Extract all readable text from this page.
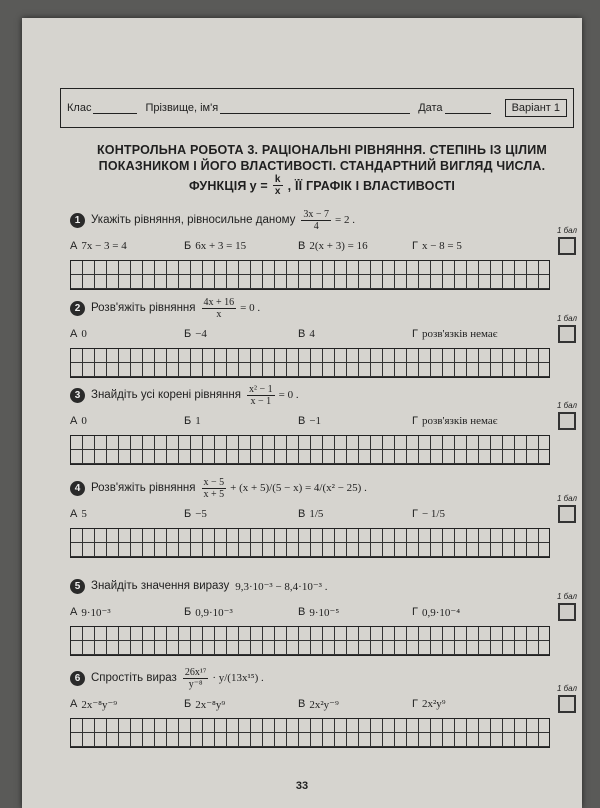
Клас	Прізвище, ім'я	Дата	Варіант 1
КОНТРОЛЬНА РОБОТА 3. РАЦІОНАЛЬНІ РІВНЯННЯ. СТЕПІНЬ ІЗ ЦІЛИМ
ПОКАЗНИКОМ І ЙОГО ВЛАСТИВОСТІ. СТАНДАРТНИЙ ВИГЛЯД ЧИСЛА.
ФУНКЦІЯ $y = \frac{k}{x}$ , ЇЇ ГРАФІК І ВЛАСТИВОСТІ
1 Укажіть рівняння, рівносильне даному $\frac{3x - 7}{4} = 2$ .
1 бал
А 7x − 3 = 4	Б 6x + 3 = 15	В 2(x + 3) = 16	Г x − 8 = 5
2 Розв'яжіть рівняння $\frac{4x + 16}{x} = 0$ .
1 бал
А 0	Б −4	В 4	Г розв'язків немає
3 Знайдіть усі корені рівняння $\frac{\text{x² − 1}}{x - 1} = 0$ .
1 бал
А 0	Б 1	В −1	Г розв'язків немає
4 Розв'яжіть рівняння $\frac{x - 5}{x + 5} + (x + 5)/(5 - x) = 4/(x^2 - 25)$ .
1 бал
А 5	Б −5	В 1/5	Г − 1/5
5 Знайдіть значення виразу 9,3·10⁻³ − 8,4·10⁻³ .
1 бал
А 9·10⁻³	Б 0,9·10⁻³	В 9·10⁻⁵	Г 0,9·10⁻⁴
6 Спростіть вираз $\frac{\text{26x¹⁷}}{\text{y⁻⁸}} \cdot y/(13x^{15})$ .
1 бал
А 2x⁻⁸y⁻⁹	Б 2x⁻⁸y⁹	В 2x²y⁻⁹	Г 2x²y⁹
33
